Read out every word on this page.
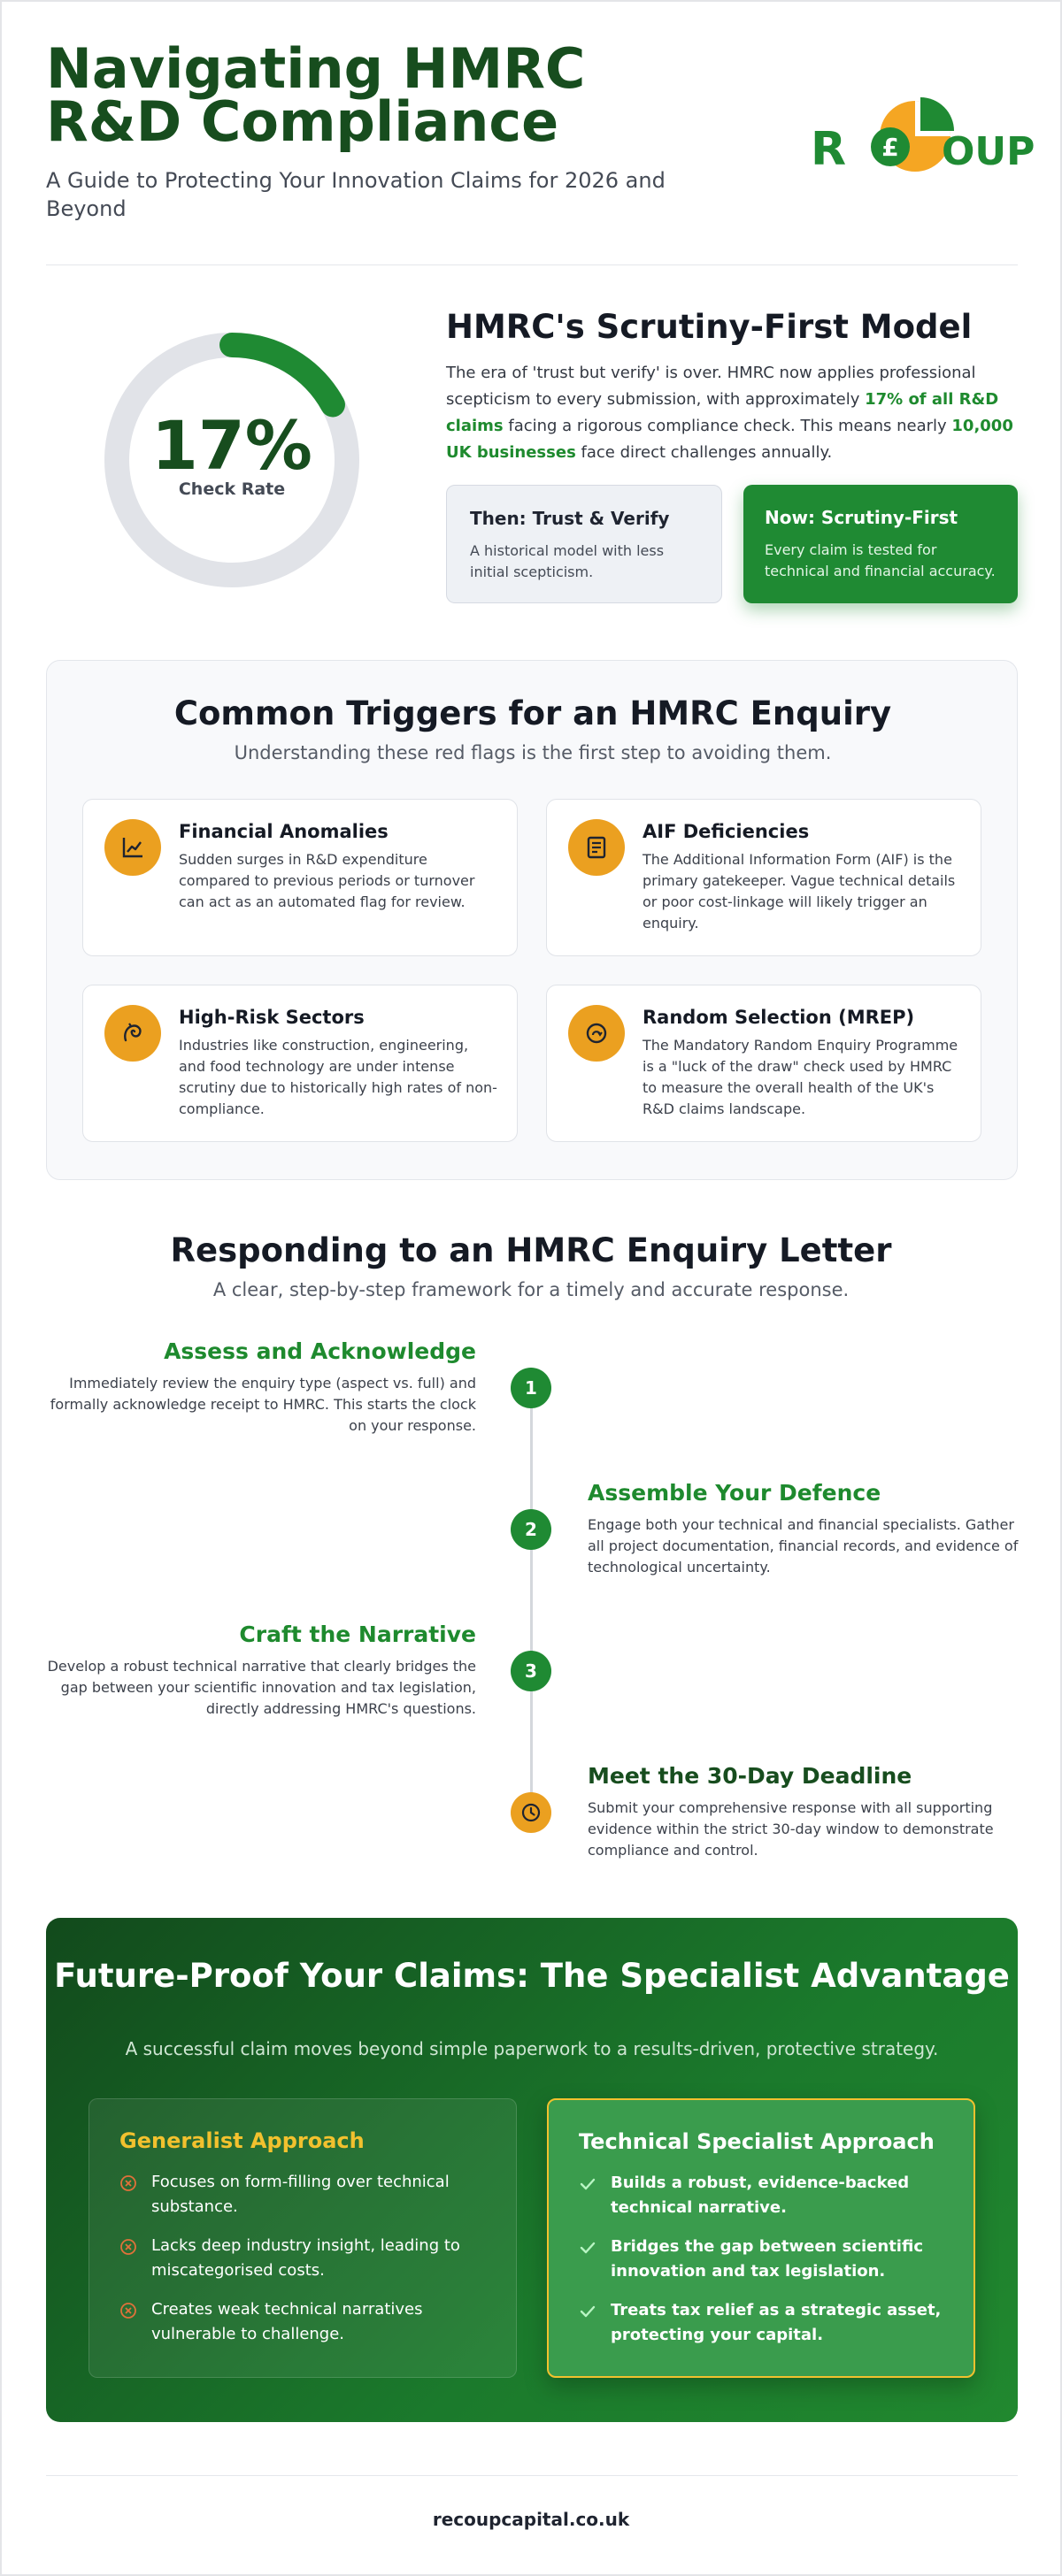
Navigating HMRC
R&D Compliance

A Guide to Protecting Your Innovation Claims for 2026 and Beyond

R £ OUP
17%
Check Rate
HMRC's Scrutiny-First Model

The era of 'trust but verify' is over. HMRC now applies professional scepticism to every submission, with approximately 17% of all R&D claims facing a rigorous compliance check. This means nearly 10,000 UK businesses face direct challenges annually.

Then: Trust & Verify
A historical model with less initial scepticism.
Now: Scrutiny-First
Every claim is tested for technical and financial accuracy.
Common Triggers for an HMRC Enquiry

Understanding these red flags is the first step to avoiding them.

Financial Anomalies
Sudden surges in R&D expenditure compared to previous periods or turnover can act as an automated flag for review.
AIF Deficiencies
The Additional Information Form (AIF) is the primary gatekeeper. Vague technical details or poor cost-linkage will likely trigger an enquiry.
High-Risk Sectors
Industries like construction, engineering, and food technology are under intense scrutiny due to historically high rates of non-compliance.
Random Selection (MREP)
The Mandatory Random Enquiry Programme is a "luck of the draw" check used by HMRC to measure the overall health of the UK's R&D claims landscape.
Responding to an HMRC Enquiry Letter

A clear, step-by-step framework for a timely and accurate response.

Assess and Acknowledge
Immediately review the enquiry type (aspect vs. full) and formally acknowledge receipt to HMRC. This starts the clock on your response.
1
Assemble Your Defence
Engage both your technical and financial specialists. Gather all project documentation, financial records, and evidence of technological uncertainty.
2
Craft the Narrative
Develop a robust technical narrative that clearly bridges the gap between your scientific innovation and tax legislation, directly addressing HMRC's questions.
3
Meet the 30-Day Deadline
Submit your comprehensive response with all supporting evidence within the strict 30-day window to demonstrate compliance and control.
Future-Proof Your Claims: The Specialist Advantage

A successful claim moves beyond simple paperwork to a results-driven, protective strategy.

Generalist Approach
Focuses on form-filling over technical substance.
Lacks deep industry insight, leading to miscategorised costs.
Creates weak technical narratives vulnerable to challenge.
Technical Specialist Approach
Builds a robust, evidence-backed technical narrative.
Bridges the gap between scientific innovation and tax legislation.
Treats tax relief as a strategic asset, protecting your capital.
recoupcapital.co.uk
